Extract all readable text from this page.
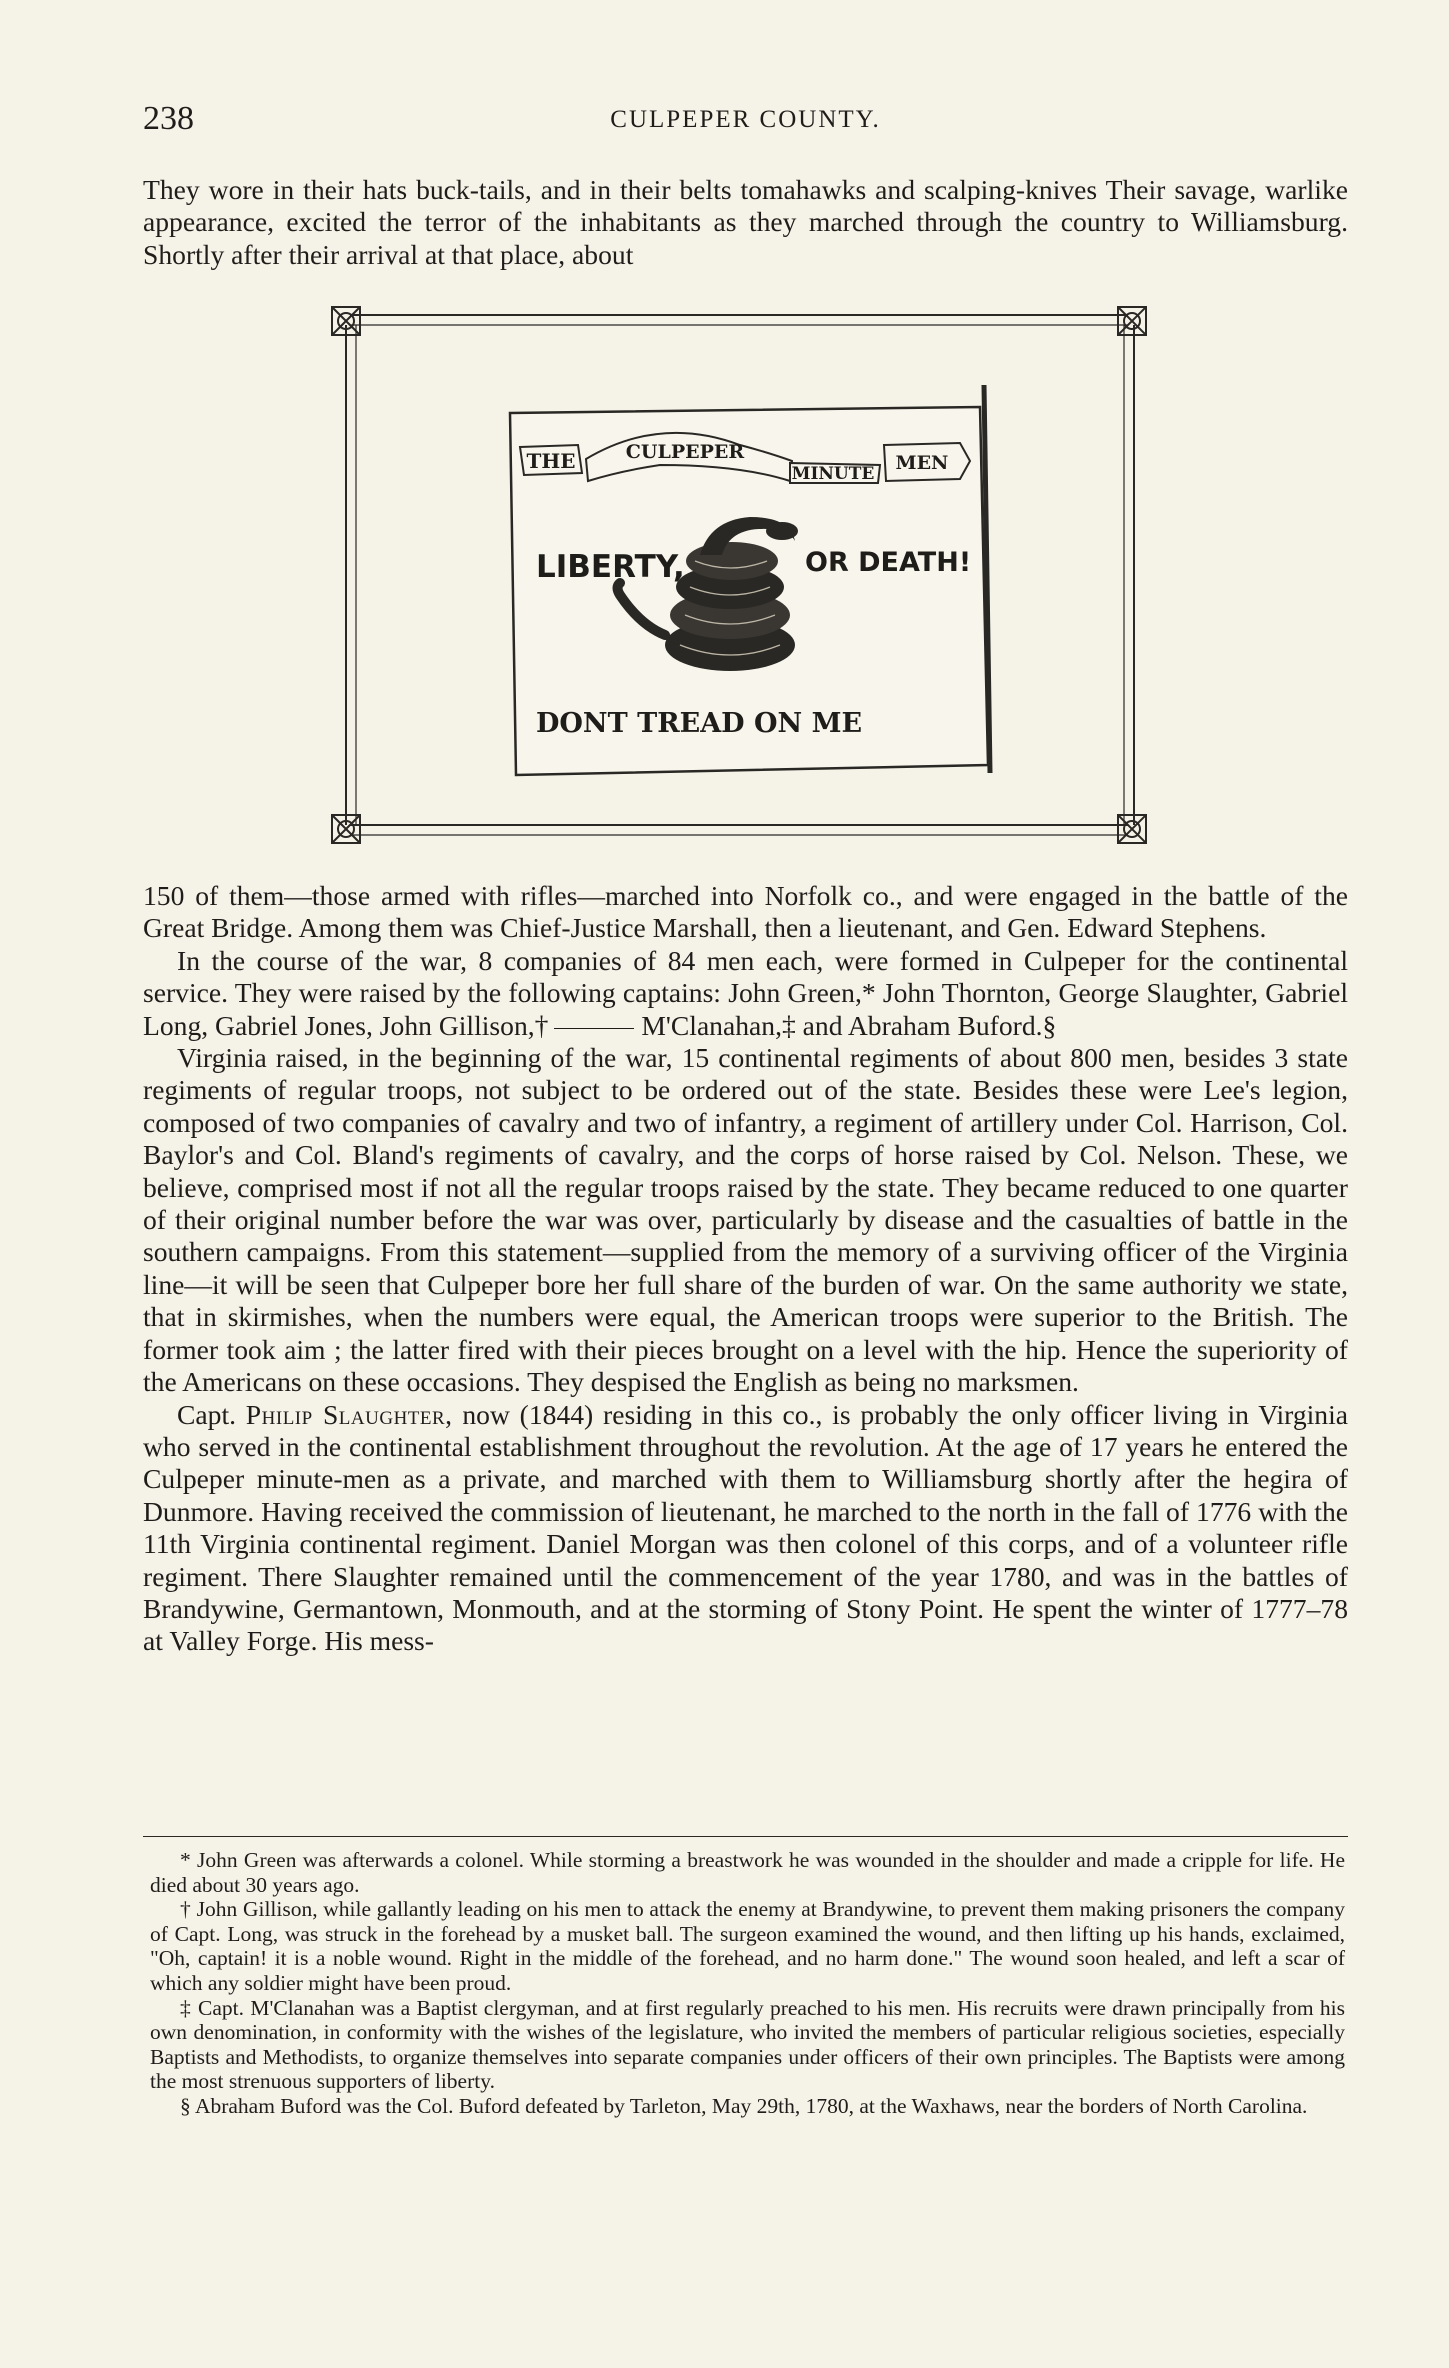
238	CULPEPER COUNTY.

They wore in their hats buck-tails, and in their belts tomahawks and scalping-knives Their savage, warlike appearance, excited the terror of the inhabitants as they marched through the country to Williamsburg. Shortly after their arrival at that place, about

THE	CULPEPER
MINUTE MEN
LIBERTY,	OR DEATH!
DONT TREAD ON ME

150 of them—those armed with rifles—marched into Norfolk co., and were engaged in the battle of the Great Bridge. Among them was Chief-Justice Marshall, then a lieutenant, and Gen. Edward Stephens.

In the course of the war, 8 companies of 84 men each, were formed in Culpeper for the continental service. They were raised by the following captains: John Green,* John Thornton, George Slaughter, Gabriel Long, Gabriel Jones, John Gillison,†	M'Clanahan,‡ and Abraham Buford.§

Virginia raised, in the beginning of the war, 15 continental regiments of about 800 men, besides 3 state regiments of regular troops, not subject to be ordered out of the state. Besides these were Lee's legion, composed of two companies of cavalry and two of infantry, a regiment of artillery under Col. Harrison, Col. Baylor's and Col. Bland's regiments of cavalry, and the corps of horse raised by Col. Nelson. These, we believe, comprised most if not all the regular troops raised by the state. They became reduced to one quarter of their original number before the war was over, particularly by disease and the casualties of battle in the southern campaigns. From this statement—supplied from the memory of a surviving officer of the Virginia line—it will be seen that Culpeper bore her full share of the burden of war. On the same authority we state, that in skirmishes, when the numbers were equal, the American troops were superior to the British. The former took aim ; the latter fired with their pieces brought on a level with the hip. Hence the superiority of the Americans on these occasions. They despised the English as being no marksmen.

Capt. Philip Slaughter, now (1844) residing in this co., is probably the only officer living in Virginia who served in the continental establishment throughout the revolution. At the age of 17 years he entered the Culpeper minute-men as a private, and marched with them to Williamsburg shortly after the hegira of Dunmore. Having received the commission of lieutenant, he marched to the north in the fall of 1776 with the 11th Virginia continental regiment. Daniel Morgan was then colonel of this corps, and of a volunteer rifle regiment. There Slaughter remained until the commencement of the year 1780, and was in the battles of Brandywine, Germantown, Monmouth, and at the storming of Stony Point. He spent the winter of 1777–78 at Valley Forge. His mess-

* John Green was afterwards a colonel. While storming a breastwork he was wounded in the shoulder and made a cripple for life. He died about 30 years ago.

† John Gillison, while gallantly leading on his men to attack the enemy at Brandywine, to prevent them making prisoners the company of Capt. Long, was struck in the forehead by a musket ball. The surgeon examined the wound, and then lifting up his hands, exclaimed, "Oh, captain! it is a noble wound. Right in the middle of the forehead, and no harm done." The wound soon healed, and left a scar of which any soldier might have been proud.

‡ Capt. M'Clanahan was a Baptist clergyman, and at first regularly preached to his men. His recruits were drawn principally from his own denomination, in conformity with the wishes of the legislature, who invited the members of particular religious societies, especially Baptists and Methodists, to organize themselves into separate companies under officers of their own principles. The Baptists were among the most strenuous supporters of liberty.

§ Abraham Buford was the Col. Buford defeated by Tarleton, May 29th, 1780, at the Waxhaws, near the borders of North Carolina.
